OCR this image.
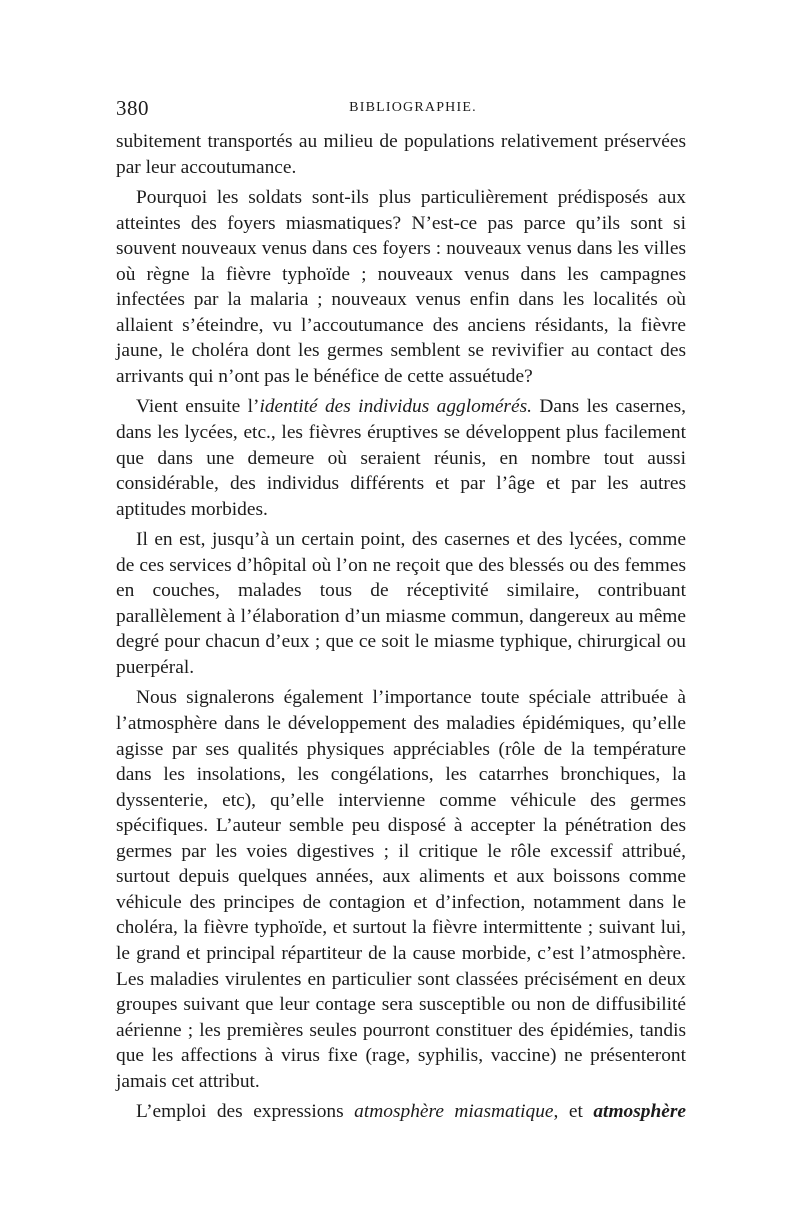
380	BIBLIOGRAPHIE.

subitement transportés au milieu de populations relativement préservées par leur accoutumance.

Pourquoi les soldats sont-ils plus particulièrement prédisposés aux atteintes des foyers miasmatiques? N’est-ce pas parce qu’ils sont si souvent nouveaux venus dans ces foyers : nouveaux venus dans les villes où règne la fièvre typhoïde ; nouveaux venus dans les campagnes infectées par la malaria ; nouveaux venus enfin dans les localités où allaient s’éteindre, vu l’accoutumance des anciens résidants, la fièvre jaune, le choléra dont les germes semblent se revivifier au contact des arrivants qui n’ont pas le bénéfice de cette assuétude?

Vient ensuite l’identité des individus agglomérés. Dans les casernes, dans les lycées, etc., les fièvres éruptives se développent plus facilement que dans une demeure où seraient réunis, en nombre tout aussi considérable, des individus différents et par l’âge et par les autres aptitudes morbides.

Il en est, jusqu’à un certain point, des casernes et des lycées, comme de ces services d’hôpital où l’on ne reçoit que des blessés ou des femmes en couches, malades tous de réceptivité similaire, contribuant parallèlement à l’élaboration d’un miasme commun, dangereux au même degré pour chacun d’eux ; que ce soit le miasme typhique, chirurgical ou puerpéral.

Nous signalerons également l’importance toute spéciale attribuée à l’atmosphère dans le développement des maladies épidémiques, qu’elle agisse par ses qualités physiques appréciables (rôle de la température dans les insolations, les congélations, les catarrhes bronchiques, la dyssenterie, etc), qu’elle intervienne comme véhicule des germes spécifiques. L’auteur semble peu disposé à accepter la pénétration des germes par les voies digestives ; il critique le rôle excessif attribué, surtout depuis quelques années, aux aliments et aux boissons comme véhicule des principes de contagion et d’infection, notamment dans le choléra, la fièvre typhoïde, et surtout la fièvre intermittente ; suivant lui, le grand et principal répartiteur de la cause morbide, c’est l’atmosphère. Les maladies virulentes en particulier sont classées précisément en deux groupes suivant que leur contage sera susceptible ou non de diffusibilité aérienne ; les premières seules pourront constituer des épidémies, tandis que les affections à virus fixe (rage, syphilis, vaccine) ne présenteront jamais cet attribut.

L’emploi des expressions atmosphère miasmatique, et atmosphère
